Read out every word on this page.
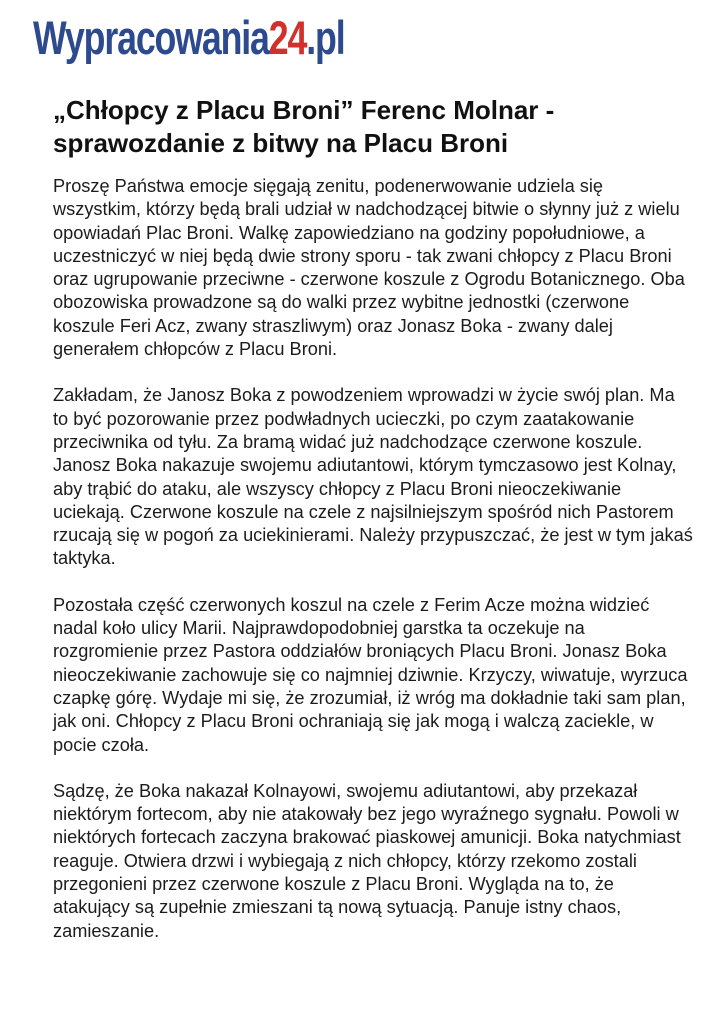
Wypracowania24.pl
„Chłopcy z Placu Broni” Ferenc Molnar - sprawozdanie z bitwy na Placu Broni

Proszę Państwa emocje sięgają zenitu, podenerwowanie udziela się wszystkim, którzy będą brali udział w nadchodzącej bitwie o słynny już z wielu opowiadań Plac Broni. Walkę zapowiedziano na godziny popołudniowe, a uczestniczyć w niej będą dwie strony sporu - tak zwani chłopcy z Placu Broni oraz ugrupowanie przeciwne - czerwone koszule z Ogrodu Botanicznego. Oba obozowiska prowadzone są do walki przez wybitne jednostki (czerwone koszule Feri Acz, zwany straszliwym) oraz Jonasz Boka - zwany dalej generałem chłopców z Placu Broni.

Zakładam, że Janosz Boka z powodzeniem wprowadzi w życie swój plan. Ma to być pozorowanie przez podwładnych ucieczki, po czym zaatakowanie przeciwnika od tyłu. Za bramą widać już nadchodzące czerwone koszule. Janosz Boka nakazuje swojemu adiutantowi, którym tymczasowo jest Kolnay, aby trąbić do ataku, ale wszyscy chłopcy z Placu Broni nieoczekiwanie uciekają. Czerwone koszule na czele z najsilniejszym spośród nich Pastorem rzucają się w pogoń za uciekinierami. Należy przypuszczać, że jest w tym jakaś taktyka.

Pozostała część czerwonych koszul na czele z Ferim Acze można widzieć nadal koło ulicy Marii. Najprawdopodobniej garstka ta oczekuje na rozgromienie przez Pastora oddziałów broniących Placu Broni. Jonasz Boka nieoczekiwanie zachowuje się co najmniej dziwnie. Krzyczy, wiwatuje, wyrzuca czapkę górę. Wydaje mi się, że zrozumiał, iż wróg ma dokładnie taki sam plan, jak oni. Chłopcy z Placu Broni ochraniają się jak mogą i walczą zaciekle, w pocie czoła.

Sądzę, że Boka nakazał Kolnayowi, swojemu adiutantowi, aby przekazał niektórym fortecom, aby nie atakowały bez jego wyraźnego sygnału. Powoli w niektórych fortecach zaczyna brakować piaskowej amunicji. Boka natychmiast reaguje. Otwiera drzwi i wybiegają z nich chłopcy, którzy rzekomo zostali przegonieni przez czerwone koszule z Placu Broni. Wygląda na to, że atakujący są zupełnie zmieszani tą nową sytuacją. Panuje istny chaos, zamieszanie.
